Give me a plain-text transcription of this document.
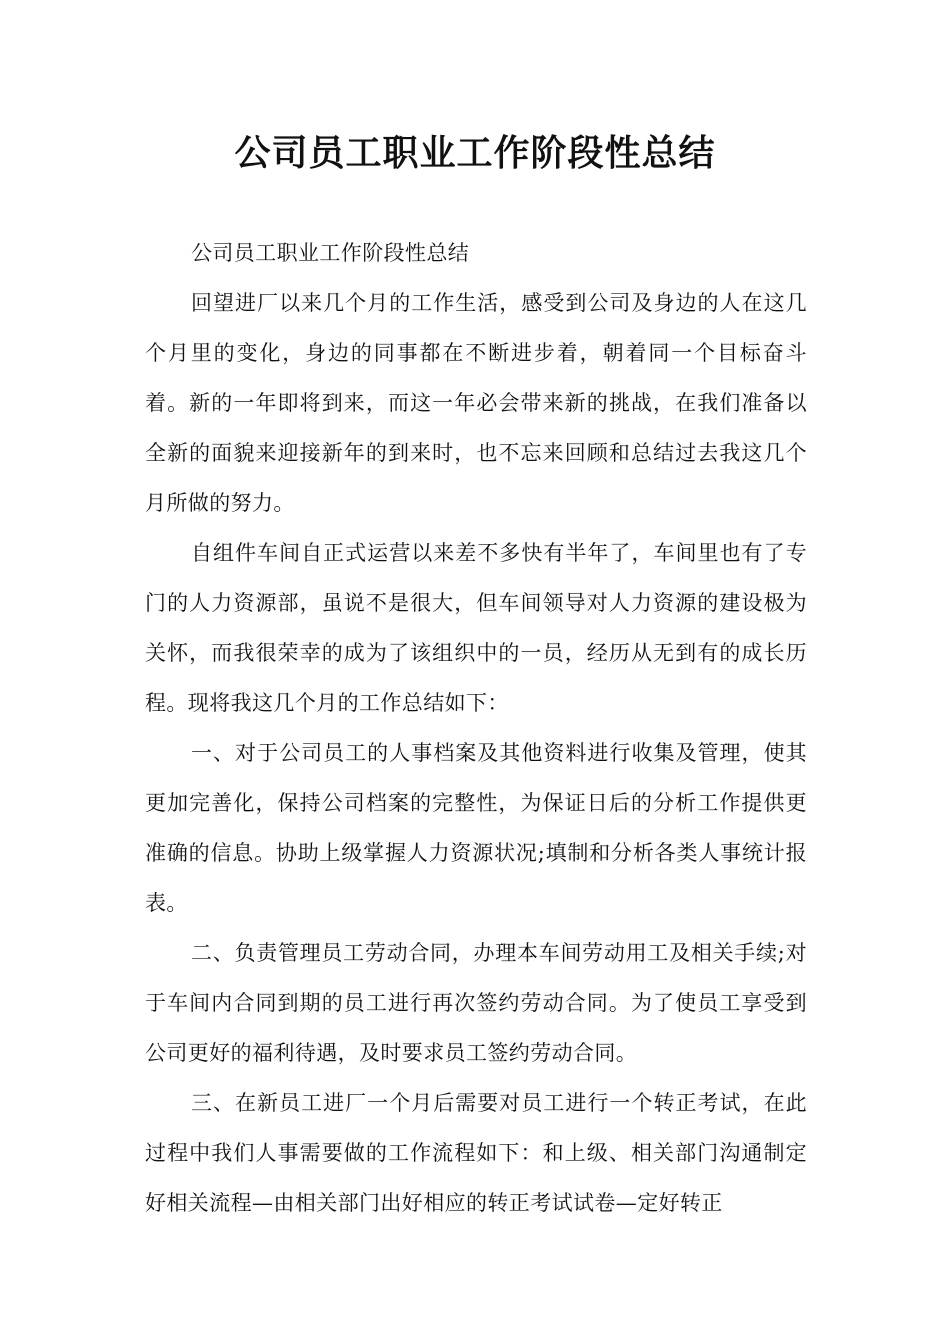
公司员工职业工作阶段性总结

公司员工职业工作阶段性总结

回望进厂以来几个月的工作生活，感受到公司及身边的人在这几个月里的变化，身边的同事都在不断进步着，朝着同一个目标奋斗着。新的一年即将到来，而这一年必会带来新的挑战，在我们准备以全新的面貌来迎接新年的到来时，也不忘来回顾和总结过去我这几个月所做的努力。

自组件车间自正式运营以来差不多快有半年了，车间里也有了专门的人力资源部，虽说不是很大，但车间领导对人力资源的建设极为关怀，而我很荣幸的成为了该组织中的一员，经历从无到有的成长历程。现将我这几个月的工作总结如下：

一、对于公司员工的人事档案及其他资料进行收集及管理，使其更加完善化，保持公司档案的完整性，为保证日后的分析工作提供更准确的信息。协助上级掌握人力资源状况;填制和分析各类人事统计报表。

二、负责管理员工劳动合同，办理本车间劳动用工及相关手续;对于车间内合同到期的员工进行再次签约劳动合同。为了使员工享受到公司更好的福利待遇，及时要求员工签约劳动合同。

三、在新员工进厂一个月后需要对员工进行一个转正考试，在此过程中我们人事需要做的工作流程如下：和上级、相关部门沟通制定好相关流程—由相关部门出好相应的转正考试试卷—定好转正
